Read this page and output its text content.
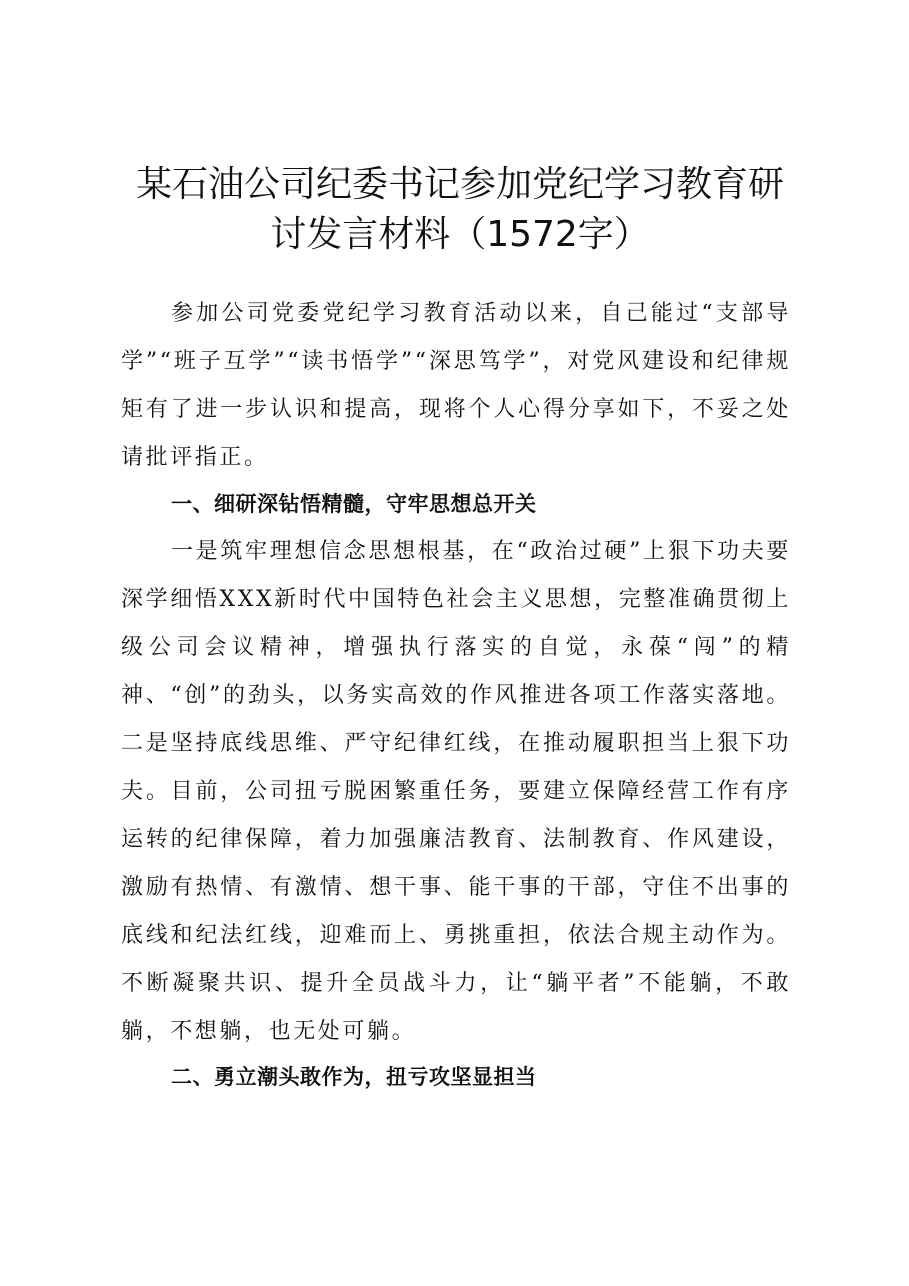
某石油公司纪委书记参加党纪学习教育研讨发言材料（1572字）

参加公司党委党纪学习教育活动以来，自己能过“支部导学”“班子互学”“读书悟学”“深思笃学”，对党风建设和纪律规矩有了进一步认识和提高，现将个人心得分享如下，不妥之处请批评指正。

一、细研深钻悟精髓，守牢思想总开关

一是筑牢理想信念思想根基，在“政治过硬”上狠下功夫要深学细悟XXX新时代中国特色社会主义思想，完整准确贯彻上级公司会议精神，增强执行落实的自觉，永葆“闯”的精神、“创”的劲头，以务实高效的作风推进各项工作落实落地。二是坚持底线思维、严守纪律红线，在推动履职担当上狠下功夫。目前，公司扭亏脱困繁重任务，要建立保障经营工作有序运转的纪律保障，着力加强廉洁教育、法制教育、作风建设，激励有热情、有激情、想干事、能干事的干部，守住不出事的底线和纪法红线，迎难而上、勇挑重担，依法合规主动作为。不断凝聚共识、提升全员战斗力，让“躺平者”不能躺，不敢躺，不想躺，也无处可躺。

二、勇立潮头敢作为，扭亏攻坚显担当
